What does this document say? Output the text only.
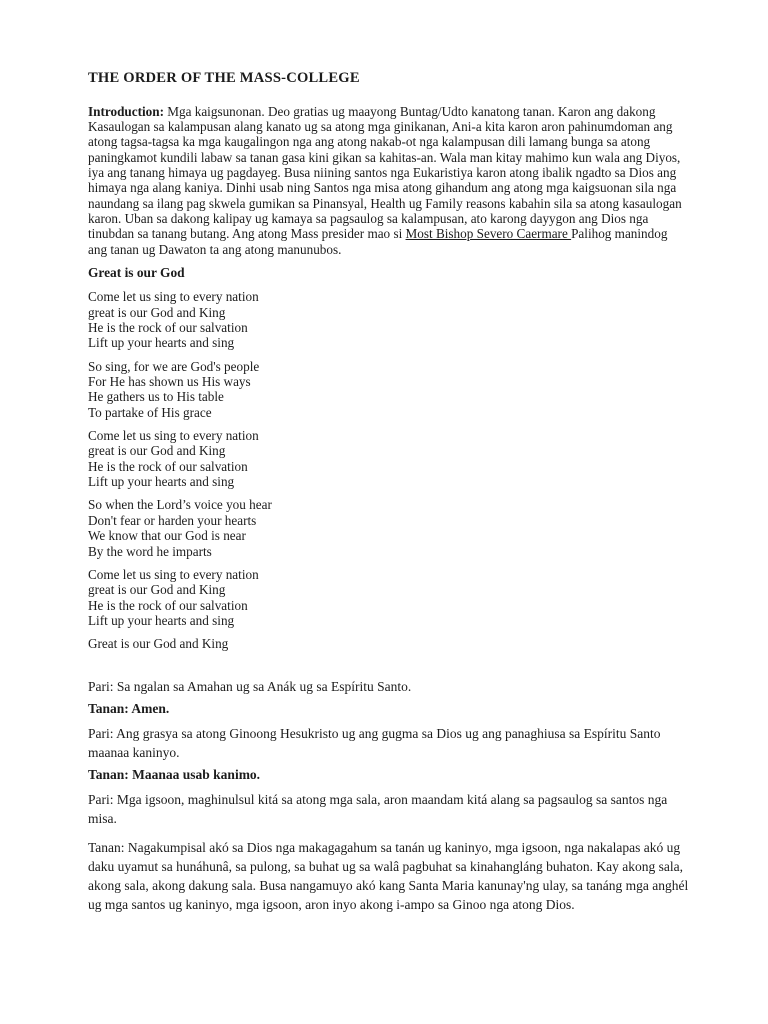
THE ORDER OF THE MASS-COLLEGE

Introduction: Mga kaigsunonan. Deo gratias ug maayong Buntag/Udto kanatong tanan. Karon ang dakong Kasaulogan sa kalampusan alang kanato ug sa atong mga ginikanan, Ani-a kita karon aron pahinumdoman ang atong tagsa-tagsa ka mga kaugalingon nga ang atong nakab-ot nga kalampusan dili lamang bunga sa atong paningkamot kundili labaw sa tanan gasa kini gikan sa kahitas-an. Wala man kitay mahimo kun wala ang Diyos, iya ang tanang himaya ug pagdayeg. Busa niining santos nga Eukaristiya karon atong ibalik ngadto sa Dios ang himaya nga alang kaniya. Dinhi usab ning Santos nga misa atong gihandum ang atong mga kaigsuonan sila nga naundang sa ilang pag skwela gumikan sa Pinansyal, Health ug Family reasons kabahin sila sa atong kasaulogan karon. Uban sa dakong kalipay ug kamaya sa pagsaulog sa kalampusan, ato karong dayygon ang Dios nga tinubdan sa tanang butang. Ang atong Mass presider mao si Most Bishop Severo Caermare Palihog manindog ang tanan ug Dawaton ta ang atong manunubos.

Great is our God
Come let us sing to every nation
great is our God and King
He is the rock of our salvation
Lift up your hearts and sing
So sing, for we are God's people
For He has shown us His ways
He gathers us to His table
To partake of His grace
Come let us sing to every nation
great is our God and King
He is the rock of our salvation
Lift up your hearts and sing
So when the Lord’s voice you hear
Don't fear or harden your hearts
We know that our God is near
By the word he imparts
Come let us sing to every nation
great is our God and King
He is the rock of our salvation
Lift up your hearts and sing
Great is our God and King

Pari: Sa ngalan sa Amahan ug sa Anák ug sa Espíritu Santo.

Tanan: Amen.

Pari: Ang grasya sa atong Ginoong Hesukristo ug ang gugma sa Dios ug ang panaghiusa sa Espíritu Santo maanaa kaninyo.

Tanan: Maanaa usab kanimo.

Pari: Mga igsoon, maghinulsul kitá sa atong mga sala, aron maandam kitá alang sa pagsaulog sa santos nga misa.

Tanan: Nagakumpisal akó sa Dios nga makagagahum sa tanán ug kaninyo, mga igsoon, nga nakalapas akó ug daku uyamut sa hunáhunâ, sa pulong, sa buhat ug sa walâ pagbuhat sa kinahangláng buhaton. Kay akong sala, akong sala, akong dakung sala. Busa nangamuyo akó kang Santa Maria kanunay'ng ulay, sa tanáng mga anghél ug mga santos ug kaninyo, mga igsoon, aron inyo akong i-ampo sa Ginoo nga atong Dios.
